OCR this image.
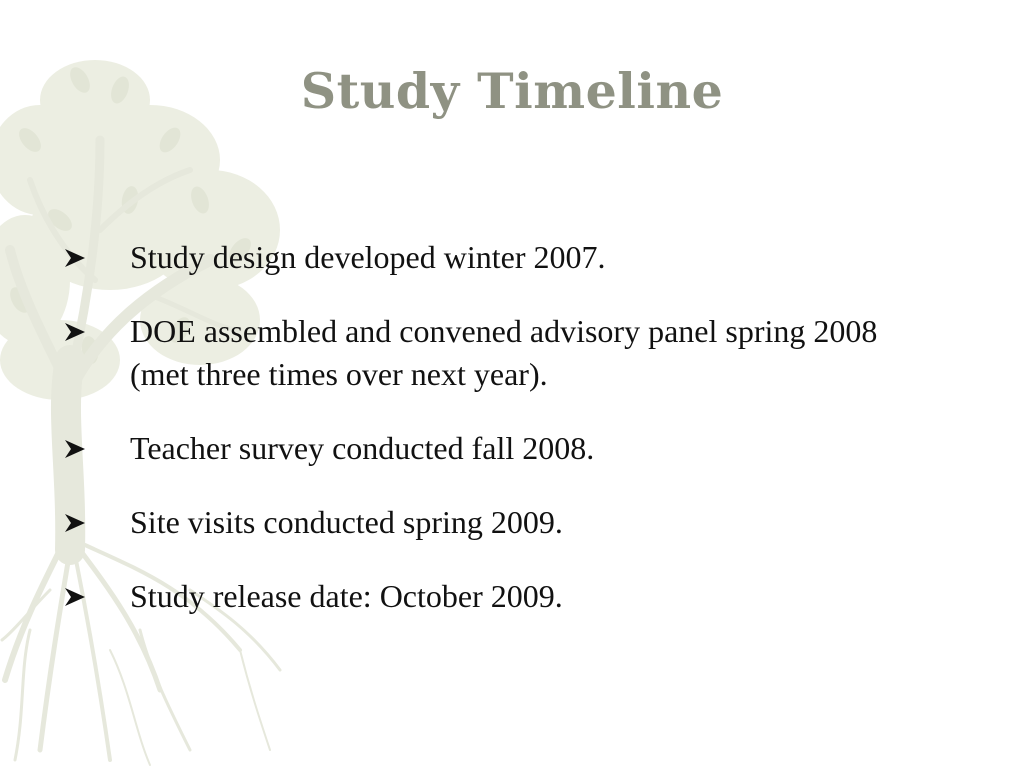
Study Timeline
Study design developed winter 2007.
DOE assembled and convened advisory panel spring 2008 (met three times over next year).
Teacher survey conducted fall 2008.
Site visits conducted spring 2009.
Study release date: October 2009.
